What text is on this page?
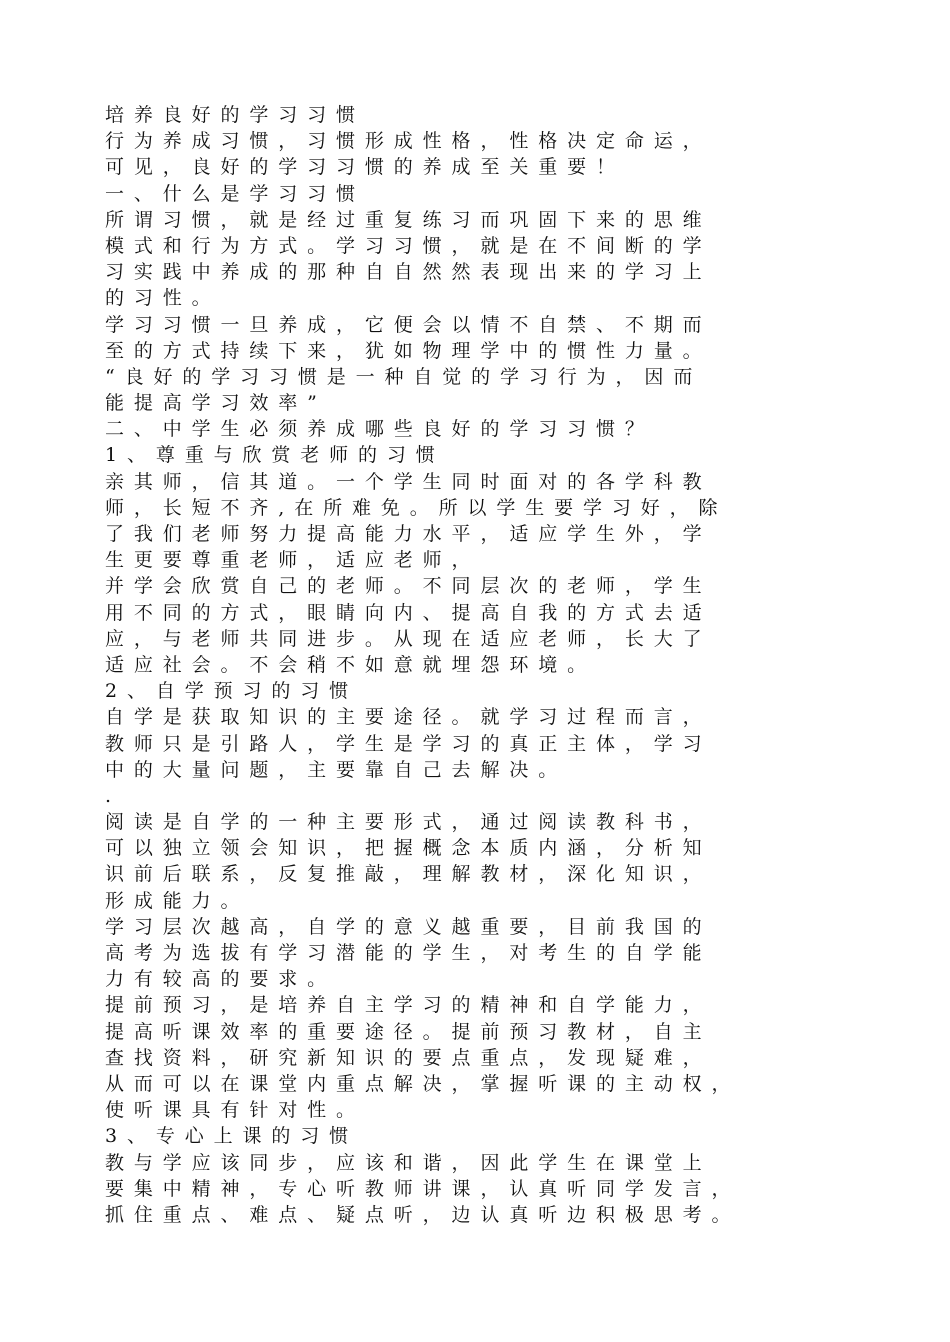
培养良好的学习习惯
行为养成习惯，习惯形成性格，性格决定命运，
可见，良好的学习习惯的养成至关重要！
一、什么是学习习惯
所谓习惯，就是经过重复练习而巩固下来的思维
模式和行为方式。学习习惯，就是在不间断的学
习实践中养成的那种自自然然表现出来的学习上
的习性。
学习习惯一旦养成，它便会以情不自禁、不期而
至的方式持续下来，犹如物理学中的惯性力量。
“良好的学习习惯是一种自觉的学习行为，因而
能提高学习效率”
二、中学生必须养成哪些良好的学习习惯？
1、尊重与欣赏老师的习惯
亲其师，信其道。一个学生同时面对的各学科教
师，长短不齐,在所难免。所以学生要学习好，除
了我们老师努力提高能力水平，适应学生外，学
生更要尊重老师，适应老师，
并学会欣赏自己的老师。不同层次的老师，学生
用不同的方式，眼睛向内、提高自我的方式去适
应，与老师共同进步。从现在适应老师，长大了
适应社会。不会稍不如意就埋怨环境。
2、自学预习的习惯
自学是获取知识的主要途径。就学习过程而言，
教师只是引路人，学生是学习的真正主体，学习
中的大量问题，主要靠自己去解决。
.
阅读是自学的一种主要形式，通过阅读教科书，
可以独立领会知识，把握概念本质内涵，分析知
识前后联系，反复推敲，理解教材，深化知识，
形成能力。
学习层次越高，自学的意义越重要，目前我国的
高考为选拔有学习潜能的学生，对考生的自学能
力有较高的要求。
提前预习，是培养自主学习的精神和自学能力，
提高听课效率的重要途径。提前预习教材，自主
查找资料，研究新知识的要点重点，发现疑难，
从而可以在课堂内重点解决，掌握听课的主动权，
使听课具有针对性。
3、专心上课的习惯
教与学应该同步，应该和谐，因此学生在课堂上
要集中精神，专心听教师讲课，认真听同学发言，
抓住重点、难点、疑点听，边认真听边积极思考。
